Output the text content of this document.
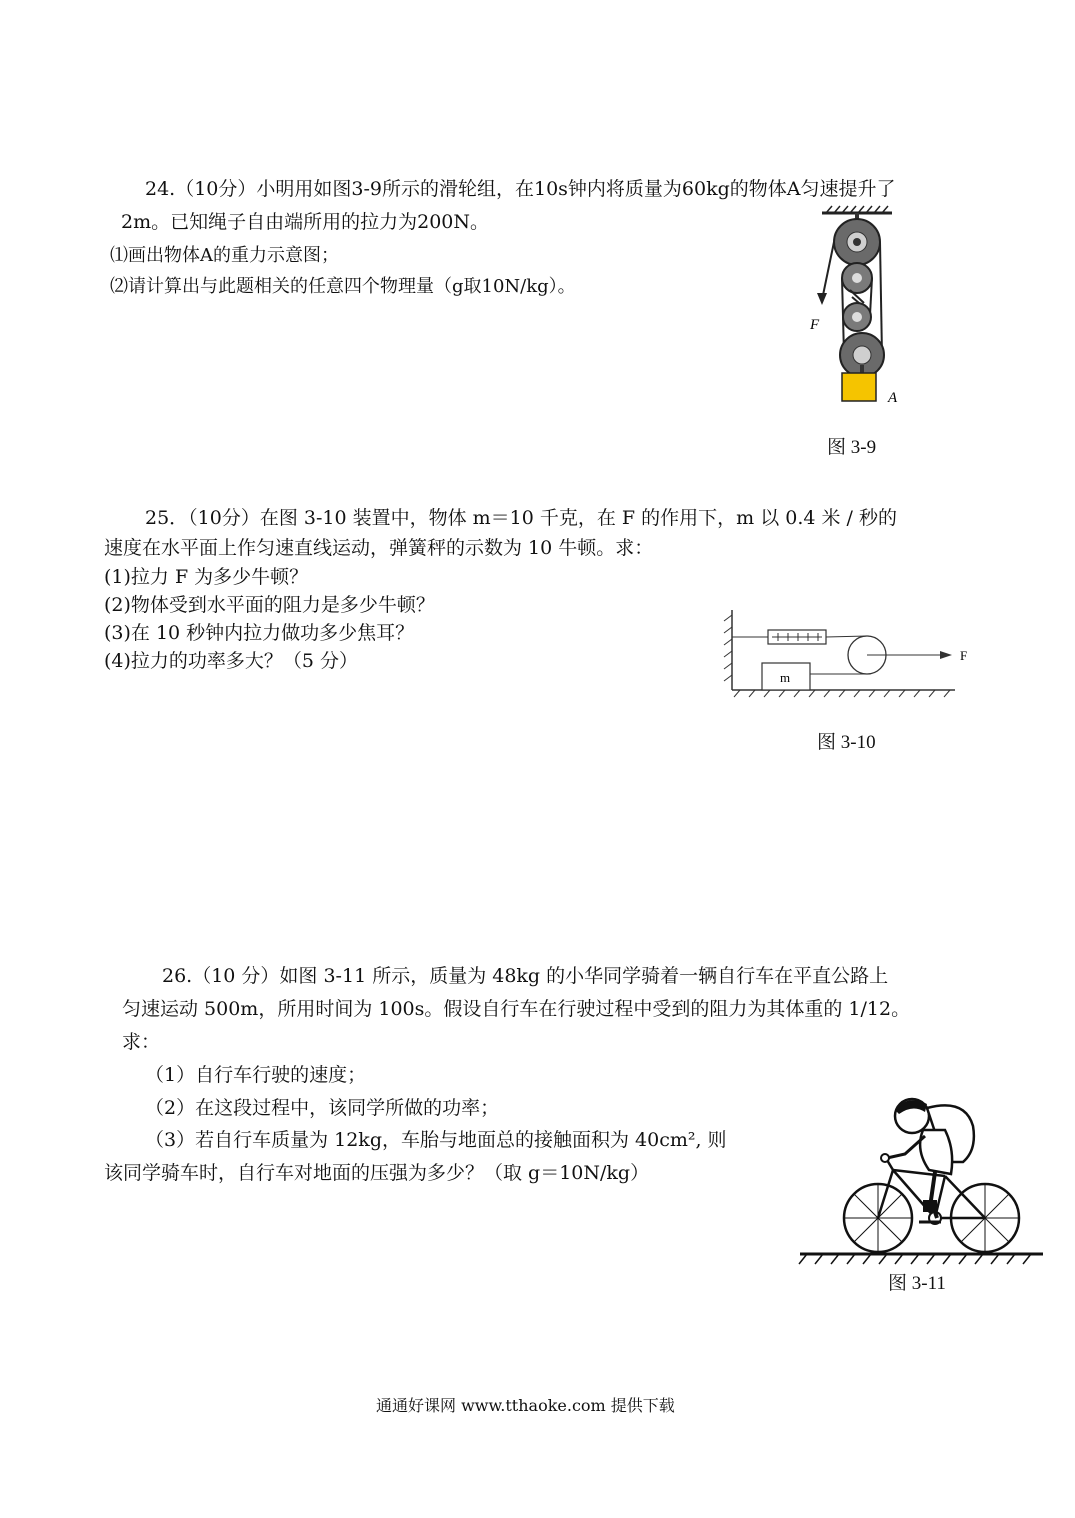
24.（10分）小明用如图3-9所示的滑轮组，在10s钟内将质量为60kg的物体A匀速提升了
2m。已知绳子自由端所用的拉力为200N。
⑴画出物体A的重力示意图；
⑵请计算出与此题相关的任意四个物理量（g取10N/kg）。
F
A
图 3-9
25．（10分）在图 3-10 装置中，物体 m＝10 千克，在 F 的作用下，m 以 0.4 米 / 秒的
速度在水平面上作匀速直线运动，弹簧秤的示数为 10 牛顿。求：
(1)拉力 F 为多少牛顿？
(2)物体受到水平面的阻力是多少牛顿？
(3)在 10 秒钟内拉力做功多少焦耳？
(4)拉力的功率多大？（5 分）
m
F
图 3-10
26.（10 分）如图 3-11 所示，质量为 48kg 的小华同学骑着一辆自行车在平直公路上
匀速运动 500m，所用时间为 100s。假设自行车在行驶过程中受到的阻力为其体重的 1/12。
求：
（1）自行车行驶的速度；
（2）在这段过程中，该同学所做的功率；
（3）若自行车质量为 12kg，车胎与地面总的接触面积为 40cm², 则
该同学骑车时，自行车对地面的压强为多少？（取 g＝10N/kg）
图 3-11
通通好课网 www.tthaoke.com 提供下载
